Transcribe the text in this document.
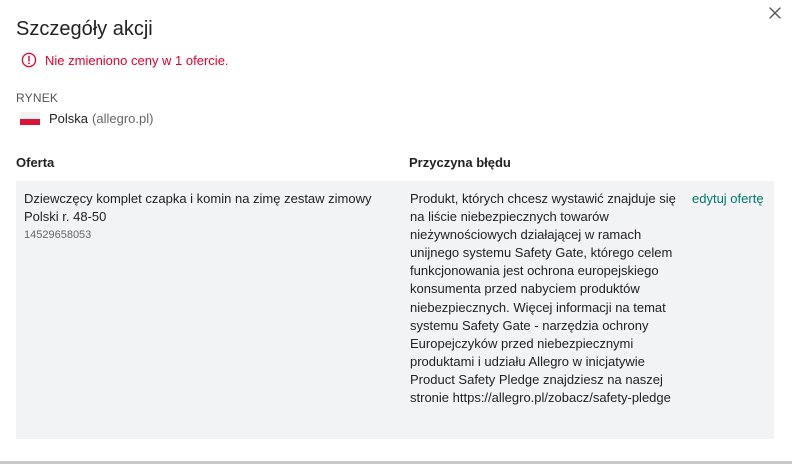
Szczegóły akcji
Nie zmieniono ceny w 1 ofercie.
RYNEK
Polska (allegro.pl)
Oferta	Przyczyna błędu
Dziewczęcy komplet czapka i komin na zimę zestaw zimowy Polski r. 48-50
14529658053
Produkt, których chcesz wystawić znajduje się na liście niebezpiecznych towarów nieżywnościowych działającej w ramach unijnego systemu Safety Gate, którego celem funkcjonowania jest ochrona europejskiego konsumenta przed nabyciem produktów niebezpiecznych. Więcej informacji na temat systemu Safety Gate - narzędzia ochrony Europejczyków przed niebezpiecznymi produktami i udziału Allegro w inicjatywie Product Safety Pledge znajdziesz na naszej stronie https://allegro.pl/zobacz/safety-pledge
edytuj ofertę
